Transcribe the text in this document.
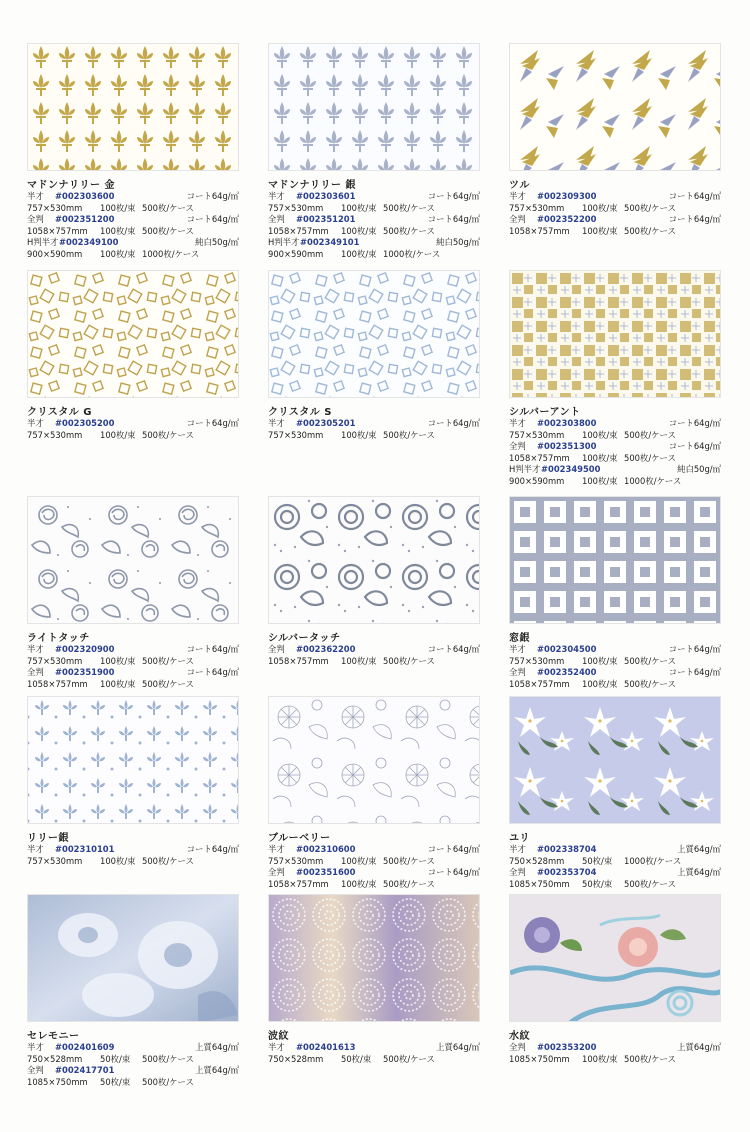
マドンナリリー 金
半才 #002303600	コート64g/㎡
757×530mm 100枚/束 500枚/ケース
全判 #002351200	コート64g/㎡
1058×757mm 100枚/束 500枚/ケース
H判半才 #002349100	純白50g/㎡
900×590mm 100枚/束 1000枚/ケース
マドンナリリー 銀
半才 #002303601	コート64g/㎡
757×530mm 100枚/束 500枚/ケース
全判 #002351201	コート64g/㎡
1058×757mm 100枚/束 500枚/ケース
H判半才 #002349101	純白50g/㎡
900×590mm 100枚/束 1000枚/ケース
ツル
半才 #002309300	コート64g/㎡
757×530mm 100枚/束 500枚/ケース
全判 #002352200	コート64g/㎡
1058×757mm 100枚/束 500枚/ケース
クリスタル G
半才 #002305200	コート64g/㎡
757×530mm 100枚/束 500枚/ケース
クリスタル S
半才 #002305201	コート64g/㎡
757×530mm 100枚/束 500枚/ケース
シルバーアント
半才 #002303800	コート64g/㎡
757×530mm 100枚/束 500枚/ケース
全判 #002351300	コート64g/㎡
1058×757mm 100枚/束 500枚/ケース
H判半才 #002349500	純白50g/㎡
900×590mm 100枚/束 1000枚/ケース
ライトタッチ
半才 #002320900	コート64g/㎡
757×530mm 100枚/束 500枚/ケース
全判 #002351900	コート64g/㎡
1058×757mm 100枚/束 500枚/ケース
シルバータッチ
全判 #002362200	コート64g/㎡
1058×757mm 100枚/束 500枚/ケース
窓銀
半才 #002304500	コート64g/㎡
757×530mm 100枚/束 500枚/ケース
全判 #002352400	コート64g/㎡
1058×757mm 100枚/束 500枚/ケース
リリー銀
半才 #002310101	コート64g/㎡
757×530mm 100枚/束 500枚/ケース
ブルーベリー
半才 #002310600	コート64g/㎡
757×530mm 100枚/束 500枚/ケース
全判 #002351600	コート64g/㎡
1058×757mm 100枚/束 500枚/ケース
ユリ
半才 #002338704	上質64g/㎡
750×528mm 50枚/束 1000枚/ケース
全判 #002353704	上質64g/㎡
1085×750mm 50枚/束 500枚/ケース
セレモニー
半才 #002401609	上質64g/㎡
750×528mm 50枚/束 500枚/ケース
全判 #002417701	上質64g/㎡
1085×750mm 50枚/束 500枚/ケース
波紋
半才 #002401613	上質64g/㎡
750×528mm 50枚/束 500枚/ケース
水紋
全判 #002353200	上質64g/㎡
1085×750mm 100枚/束 500枚/ケース
